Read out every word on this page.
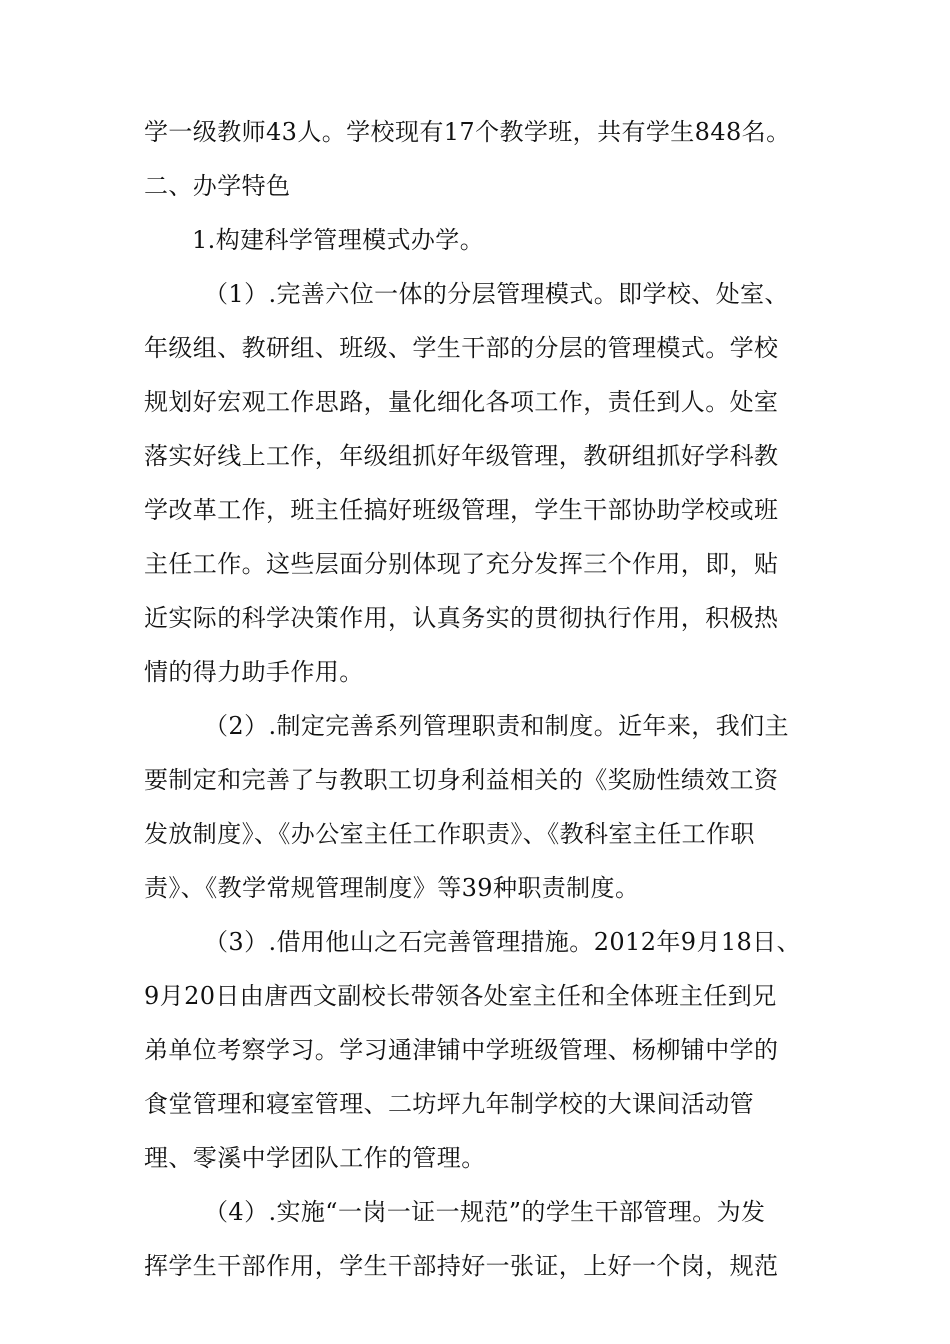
学一级教师43人。学校现有17个教学班，共有学生848名。
二、办学特色
1.构建科学管理模式办学。
（1）.完善六位一体的分层管理模式。即学校、处室、
年级组、教研组、班级、学生干部的分层的管理模式。学校
规划好宏观工作思路，量化细化各项工作，责任到人。处室
落实好线上工作，年级组抓好年级管理，教研组抓好学科教
学改革工作，班主任搞好班级管理，学生干部协助学校或班
主任工作。这些层面分别体现了充分发挥三个作用，即，贴
近实际的科学决策作用，认真务实的贯彻执行作用，积极热
情的得力助手作用。
（2）.制定完善系列管理职责和制度。近年来，我们主
要制定和完善了与教职工切身利益相关的《奖励性绩效工资
发放制度》、《办公室主任工作职责》、《教科室主任工作职
责》、《教学常规管理制度》等39种职责制度。
（3）.借用他山之石完善管理措施。2012年9月18日、
9月20日由唐西文副校长带领各处室主任和全体班主任到兄
弟单位考察学习。学习通津铺中学班级管理、杨柳铺中学的
食堂管理和寝室管理、二坊坪九年制学校的大课间活动管
理、零溪中学团队工作的管理。
（4）.实施“一岗一证一规范”的学生干部管理。为发
挥学生干部作用，学生干部持好一张证，上好一个岗，规范
